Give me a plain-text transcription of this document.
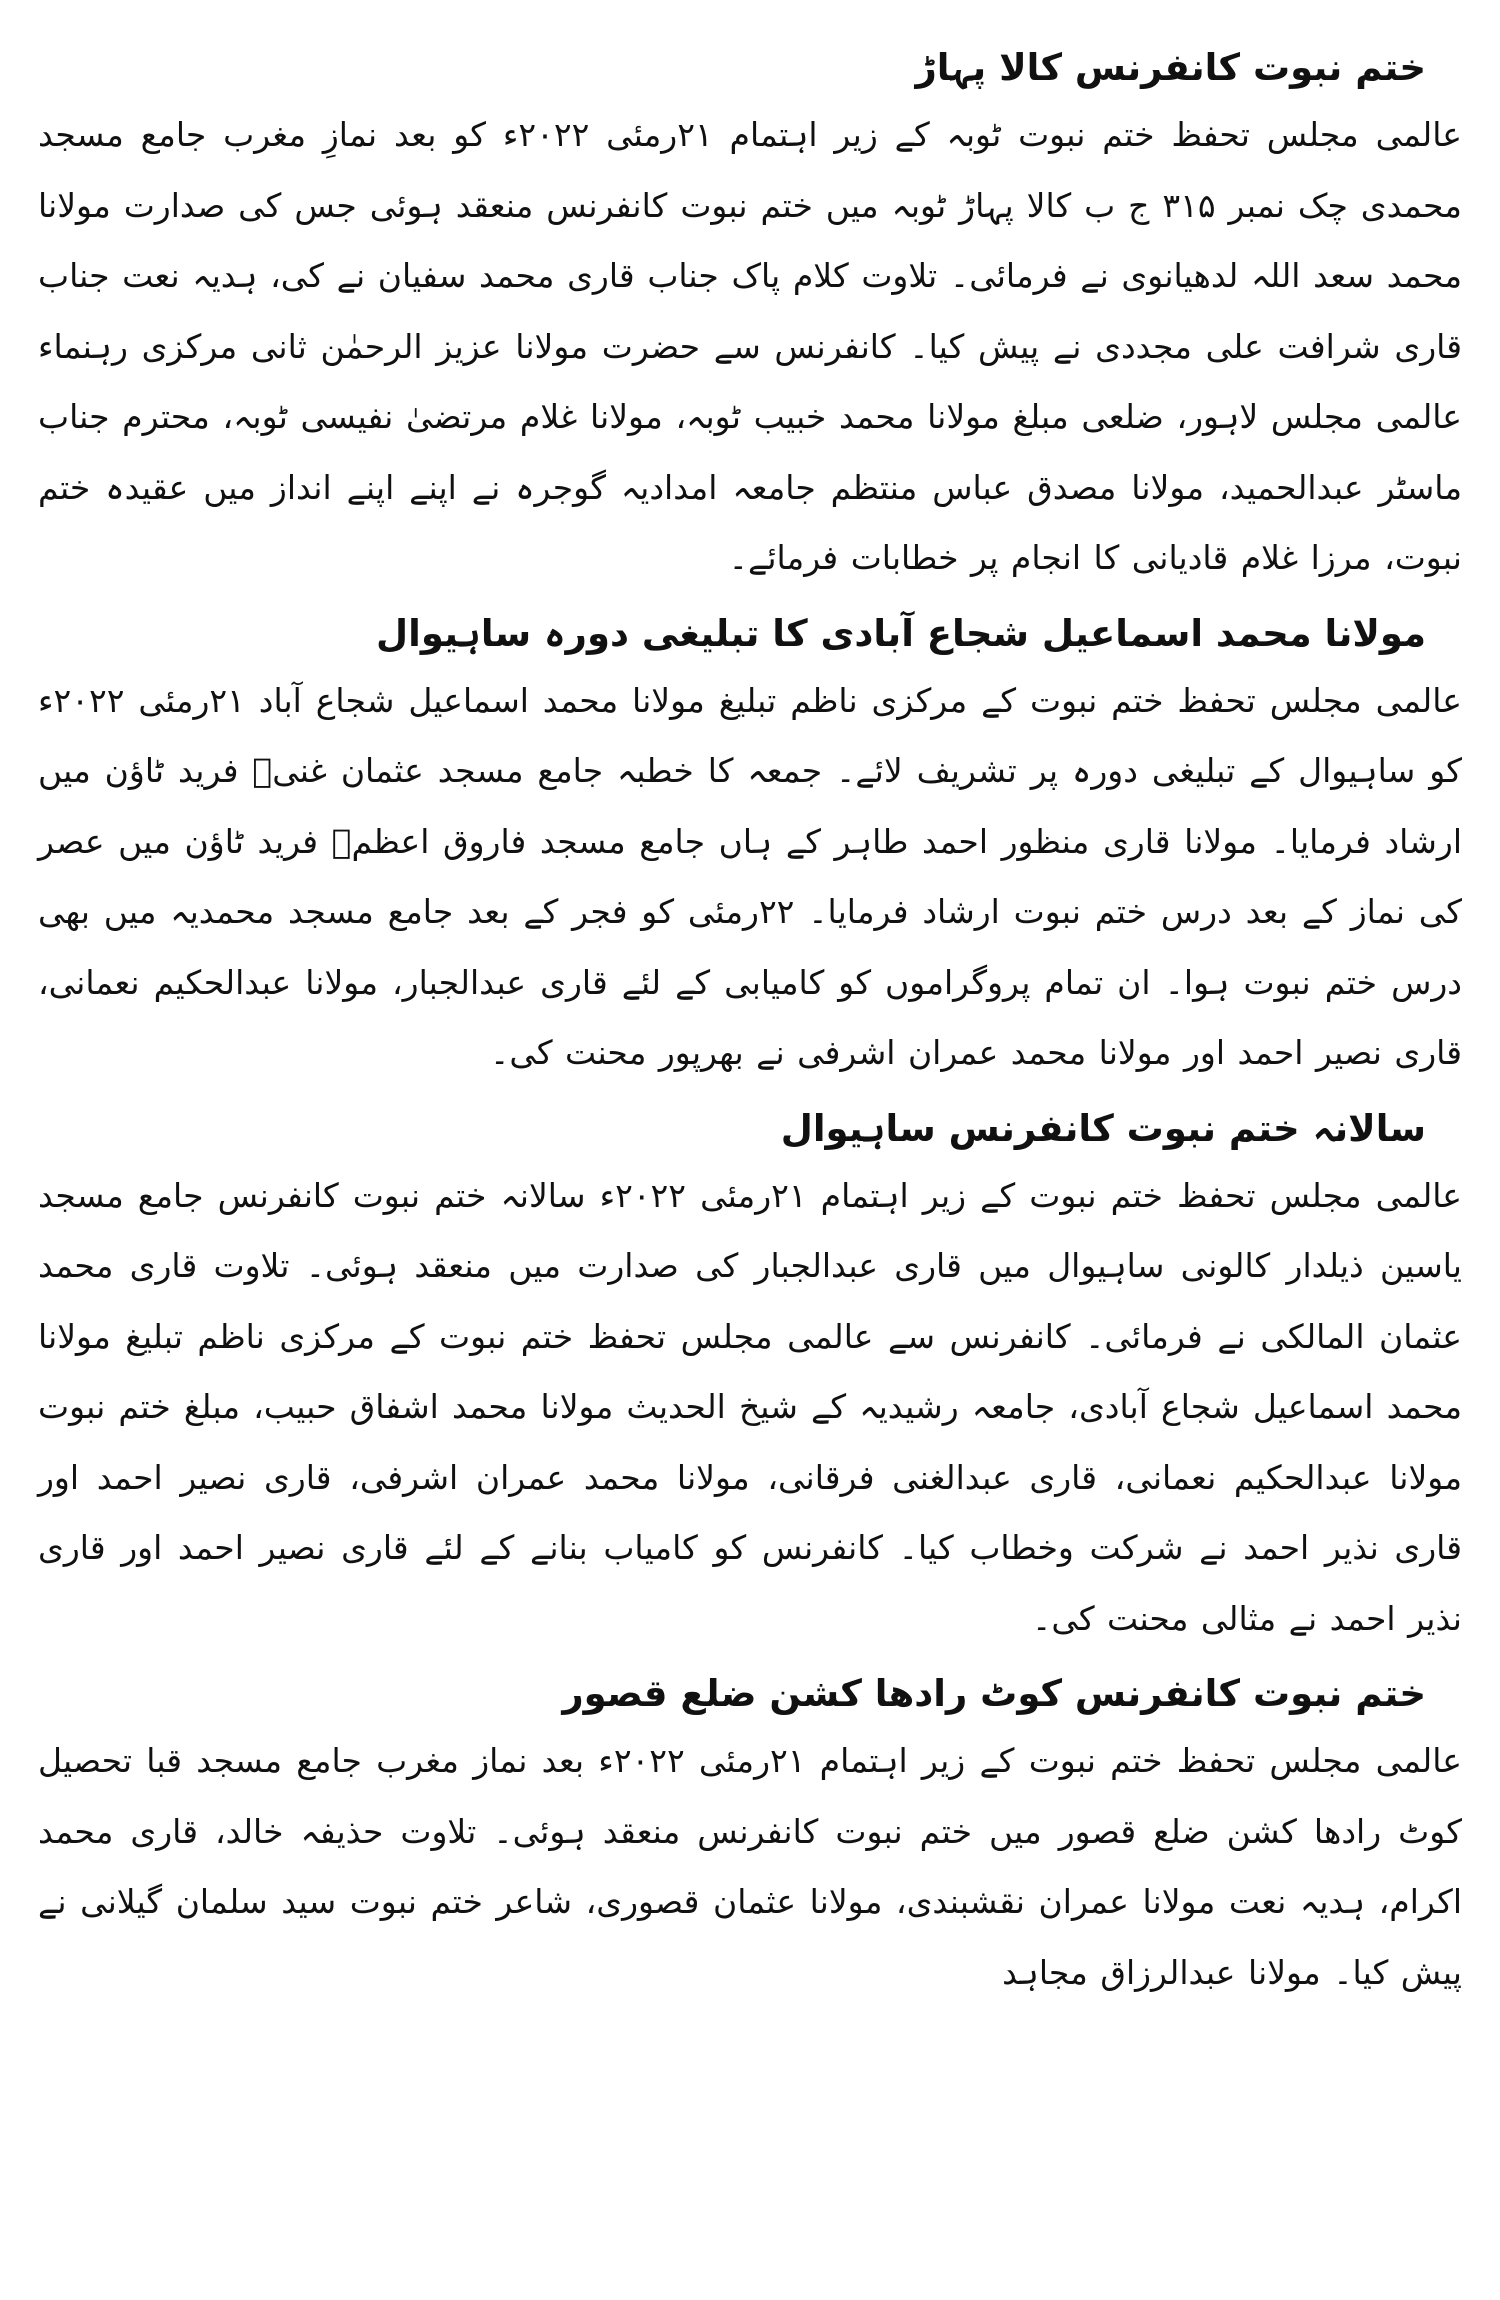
ختم نبوت کانفرنس کالا پہاڑ

عالمی مجلس تحفظ ختم نبوت ٹوبہ کے زیر اہتمام ۲۱رمئی ۲۰۲۲ء کو بعد نمازِ مغرب جامع مسجد محمدی چک نمبر ۳۱۵ ج ب کالا پہاڑ ٹوبہ میں ختم نبوت کانفرنس منعقد ہوئی جس کی صدارت مولانا محمد سعد اللہ لدھیانوی نے فرمائی۔ تلاوت کلام پاک جناب قاری محمد سفیان نے کی، ہدیہ نعت جناب قاری شرافت علی مجددی نے پیش کیا۔ کانفرنس سے حضرت مولانا عزیز الرحمٰن ثانی مرکزی رہنماء عالمی مجلس لاہور، ضلعی مبلغ مولانا محمد خبیب ٹوبہ، مولانا غلام مرتضیٰ نفیسی ٹوبہ، محترم جناب ماسٹر عبدالحمید، مولانا مصدق عباس منتظم جامعہ امدادیہ گوجرہ نے اپنے اپنے انداز میں عقیدہ ختم نبوت، مرزا غلام قادیانی کا انجام پر خطابات فرمائے۔

مولانا محمد اسماعیل شجاع آبادی کا تبلیغی دورہ ساہیوال

عالمی مجلس تحفظ ختم نبوت کے مرکزی ناظم تبلیغ مولانا محمد اسماعیل شجاع آباد ۲۱رمئی ۲۰۲۲ء کو ساہیوال کے تبلیغی دورہ پر تشریف لائے۔ جمعہ کا خطبہ جامع مسجد عثمان غنیؓ فرید ٹاؤن میں ارشاد فرمایا۔ مولانا قاری منظور احمد طاہر کے ہاں جامع مسجد فاروق اعظمؓ فرید ٹاؤن میں عصر کی نماز کے بعد درس ختم نبوت ارشاد فرمایا۔ ۲۲رمئی کو فجر کے بعد جامع مسجد محمدیہ میں بھی درس ختم نبوت ہوا۔ ان تمام پروگراموں کو کامیابی کے لئے قاری عبدالجبار، مولانا عبدالحکیم نعمانی، قاری نصیر احمد اور مولانا محمد عمران اشرفی نے بھرپور محنت کی۔

سالانہ ختم نبوت کانفرنس ساہیوال

عالمی مجلس تحفظ ختم نبوت کے زیر اہتمام ۲۱رمئی ۲۰۲۲ء سالانہ ختم نبوت کانفرنس جامع مسجد یاسین ذیلدار کالونی ساہیوال میں قاری عبدالجبار کی صدارت میں منعقد ہوئی۔ تلاوت قاری محمد عثمان المالکی نے فرمائی۔ کانفرنس سے عالمی مجلس تحفظ ختم نبوت کے مرکزی ناظم تبلیغ مولانا محمد اسماعیل شجاع آبادی، جامعہ رشیدیہ کے شیخ الحدیث مولانا محمد اشفاق حبیب، مبلغ ختم نبوت مولانا عبدالحکیم نعمانی، قاری عبدالغنی فرقانی، مولانا محمد عمران اشرفی، قاری نصیر احمد اور قاری نذیر احمد نے شرکت وخطاب کیا۔ کانفرنس کو کامیاب بنانے کے لئے قاری نصیر احمد اور قاری نذیر احمد نے مثالی محنت کی۔

ختم نبوت کانفرنس کوٹ رادھا کشن ضلع قصور

عالمی مجلس تحفظ ختم نبوت کے زیر اہتمام ۲۱رمئی ۲۰۲۲ء بعد نماز مغرب جامع مسجد قبا تحصیل کوٹ رادھا کشن ضلع قصور میں ختم نبوت کانفرنس منعقد ہوئی۔ تلاوت حذیفہ خالد، قاری محمد اکرام، ہدیہ نعت مولانا عمران نقشبندی، مولانا عثمان قصوری، شاعر ختم نبوت سید سلمان گیلانی نے پیش کیا۔ مولانا عبدالرزاق مجاہد
